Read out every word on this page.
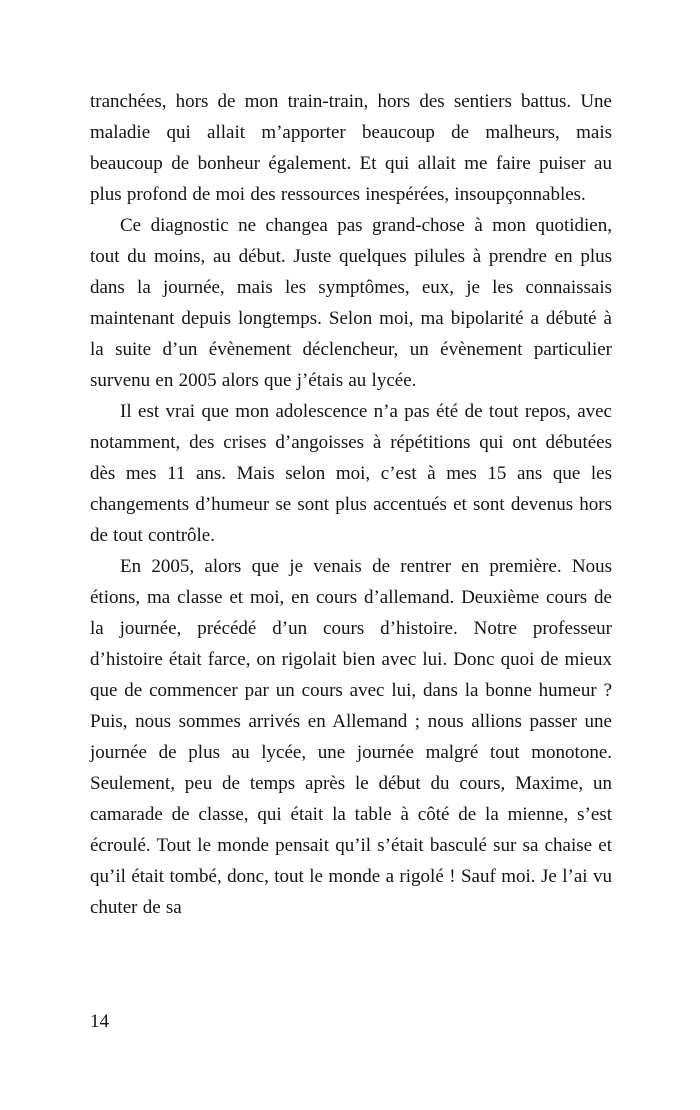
tranchées, hors de mon train-train, hors des sentiers battus. Une maladie qui allait m’apporter beaucoup de malheurs, mais beaucoup de bonheur également. Et qui allait me faire puiser au plus profond de moi des ressources inespérées, insoupçonnables.

Ce diagnostic ne changea pas grand-chose à mon quotidien, tout du moins, au début. Juste quelques pilules à prendre en plus dans la journée, mais les symptômes, eux, je les connaissais maintenant depuis longtemps. Selon moi, ma bipolarité a débuté à la suite d’un évènement déclencheur, un évènement particulier survenu en 2005 alors que j’étais au lycée.

Il est vrai que mon adolescence n’a pas été de tout repos, avec notamment, des crises d’angoisses à répétitions qui ont débutées dès mes 11 ans. Mais selon moi, c’est à mes 15 ans que les changements d’humeur se sont plus accentués et sont devenus hors de tout contrôle.

En 2005, alors que je venais de rentrer en première. Nous étions, ma classe et moi, en cours d’allemand. Deuxième cours de la journée, précédé d’un cours d’histoire. Notre professeur d’histoire était farce, on rigolait bien avec lui. Donc quoi de mieux que de commencer par un cours avec lui, dans la bonne humeur ? Puis, nous sommes arrivés en Allemand ; nous allions passer une journée de plus au lycée, une journée malgré tout monotone. Seulement, peu de temps après le début du cours, Maxime, un camarade de classe, qui était la table à côté de la mienne, s’est écroulé. Tout le monde pensait qu’il s’était basculé sur sa chaise et qu’il était tombé, donc, tout le monde a rigolé ! Sauf moi. Je l’ai vu chuter de sa

14
